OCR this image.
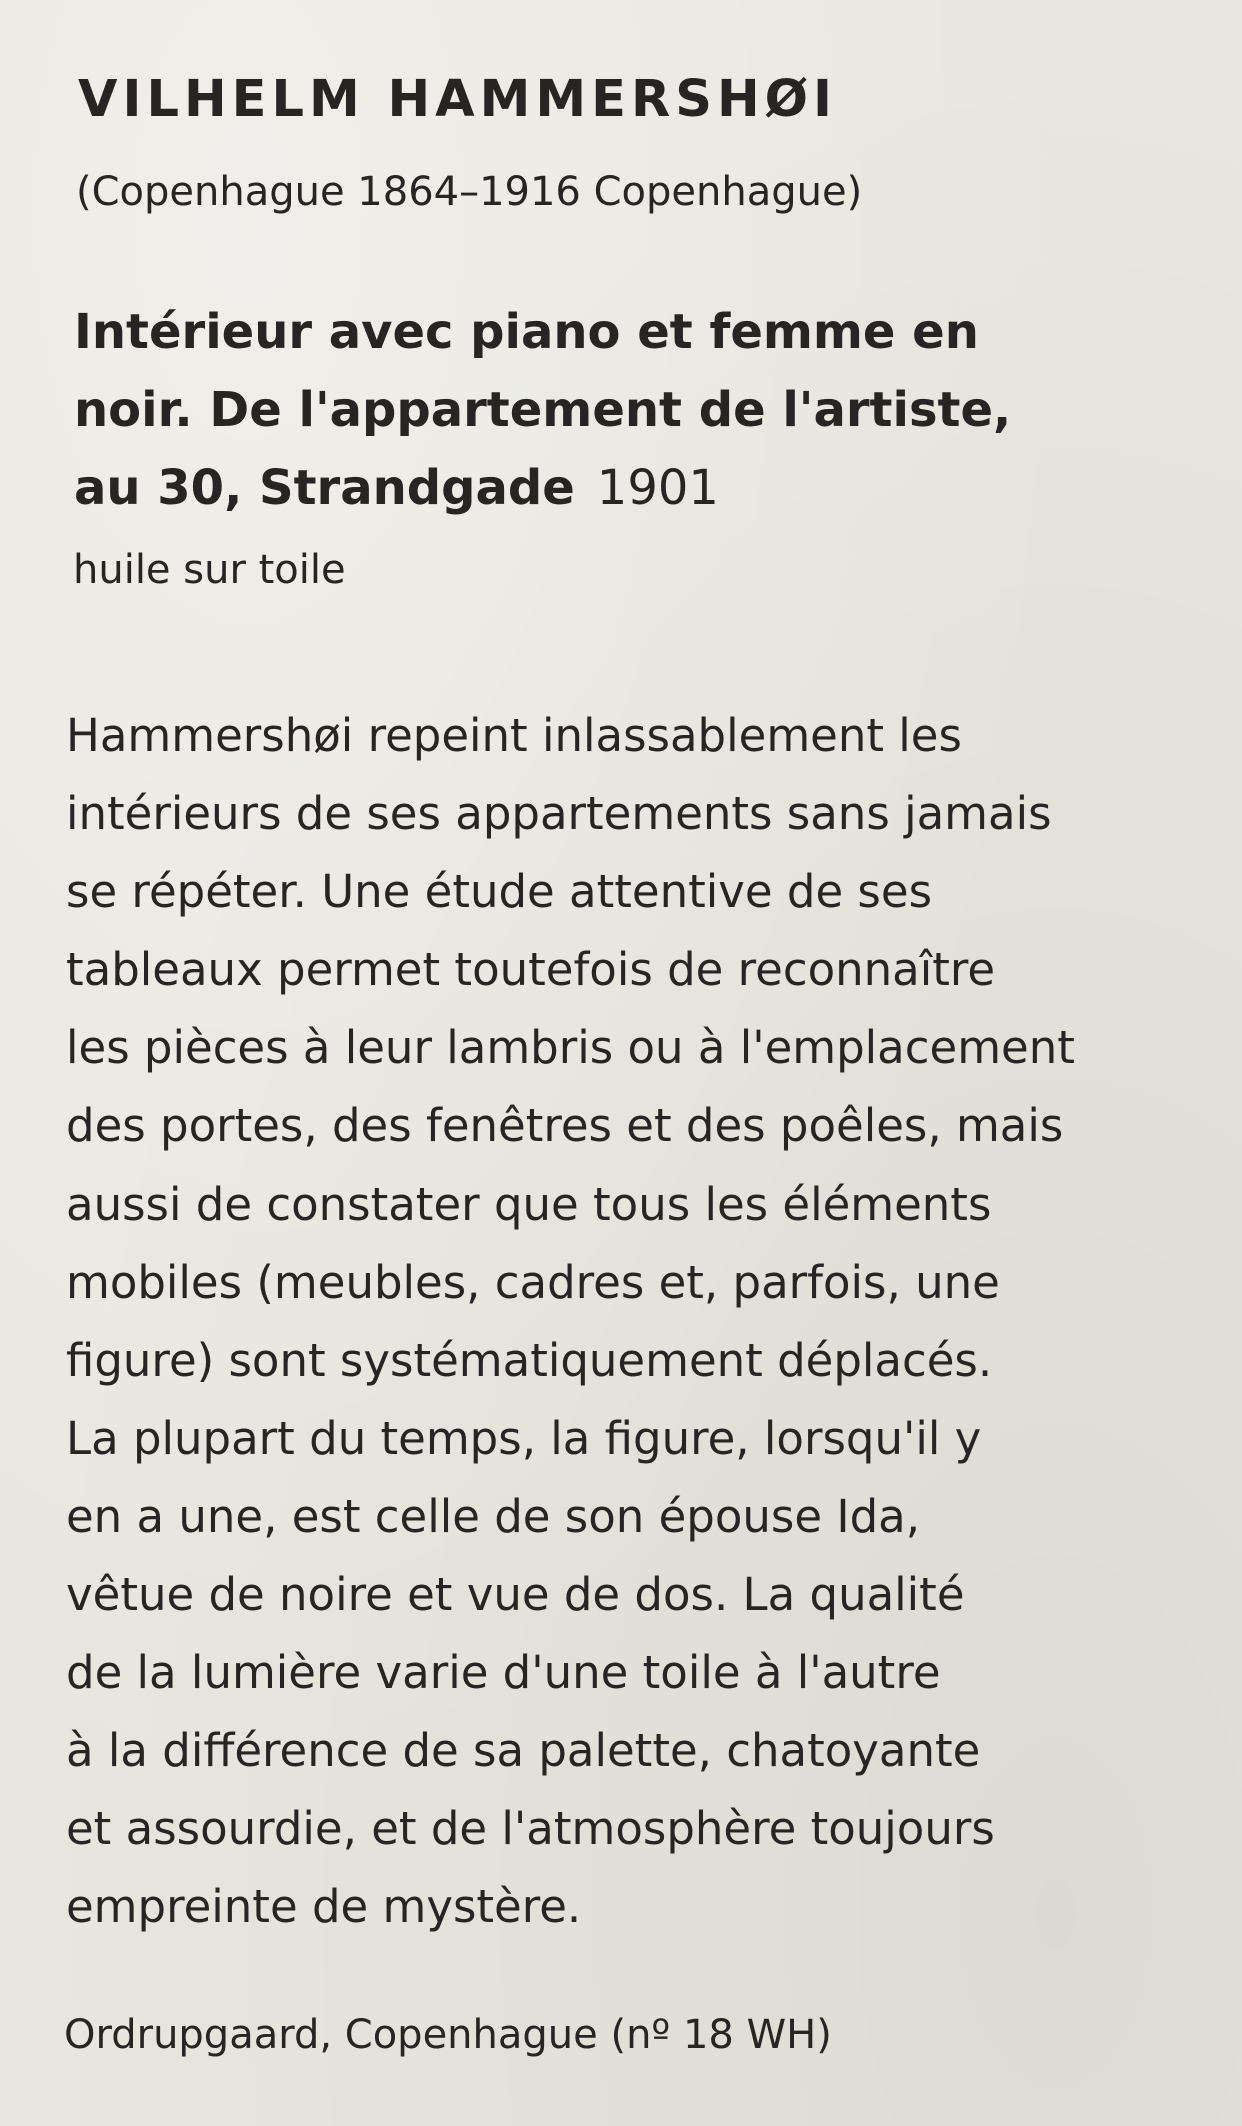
VILHELM HAMMERSHØI

(Copenhague 1864–1916 Copenhague)

Intérieur avec piano et femme en
noir. De l'appartement de l'artiste,
au 30, Strandgade 1901

huile sur toile

Hammershøi repeint inlassablement les
intérieurs de ses appartements sans jamais
se répéter. Une étude attentive de ses
tableaux permet toutefois de reconnaître
les pièces à leur lambris ou à l'emplacement
des portes, des fenêtres et des poêles, mais
aussi de constater que tous les éléments
mobiles (meubles, cadres et, parfois, une
figure) sont systématiquement déplacés.
La plupart du temps, la figure, lorsqu'il y
en a une, est celle de son épouse Ida,
vêtue de noire et vue de dos. La qualité
de la lumière varie d'une toile à l'autre
à la différence de sa palette, chatoyante
et assourdie, et de l'atmosphère toujours
empreinte de mystère.

Ordrupgaard, Copenhague (nº 18 WH)
